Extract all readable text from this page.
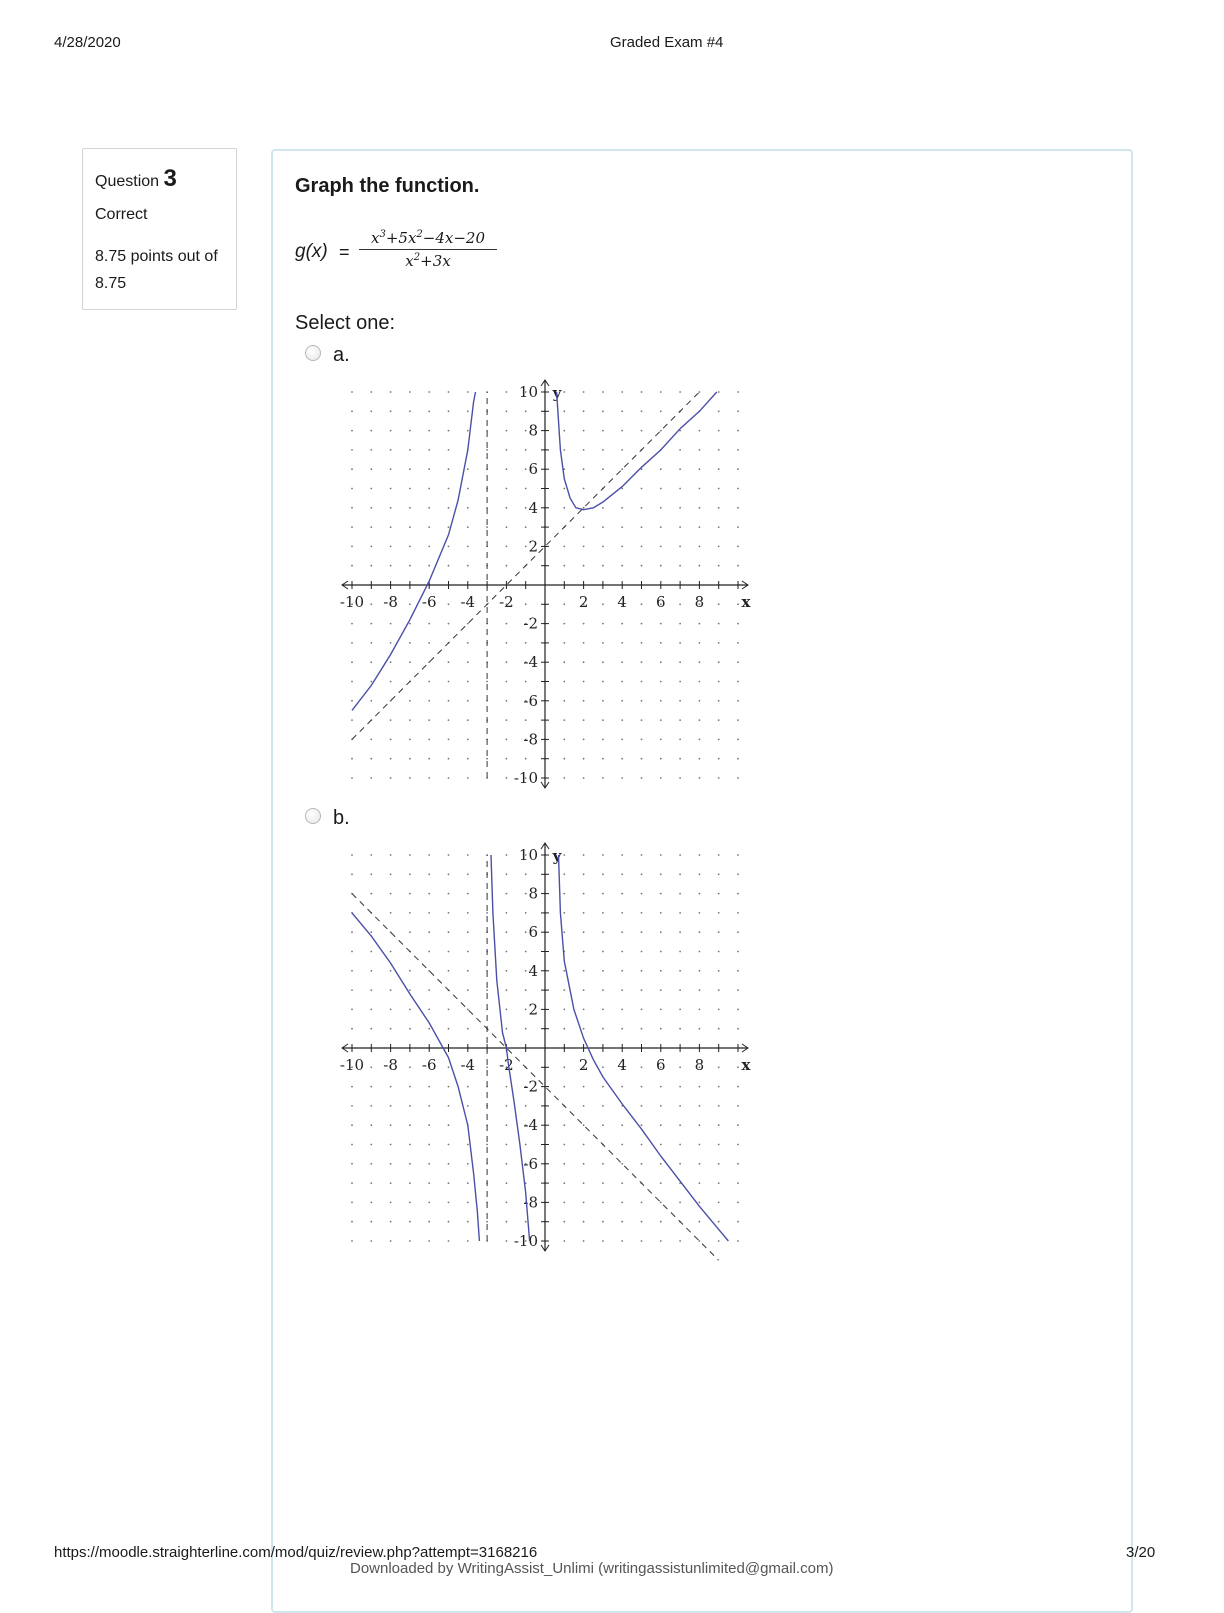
4/28/2020	Graded Exam #4
Question 3
Correct
8.75 points out of 8.75
Graph the function.
$g(x) = \frac{x^3+5x^2-4x-20}{x^2+3x}$
Select one:
a.
-10 -8 -6 -4 -2	2 4 6 8
10
8
6
4
2
-2
-4
-6
-8
-10
x
y
b.
-10 -8 -6 -4 -2	2 4 6 8
10
8
6
4
2
-2
-4
-6
-8
-10
x
y
https://moodle.straighterline.com/mod/quiz/review.php?attempt=3168216	3/20
Downloaded by WritingAssist_Unlimi (writingassistunlimited@gmail.com)
